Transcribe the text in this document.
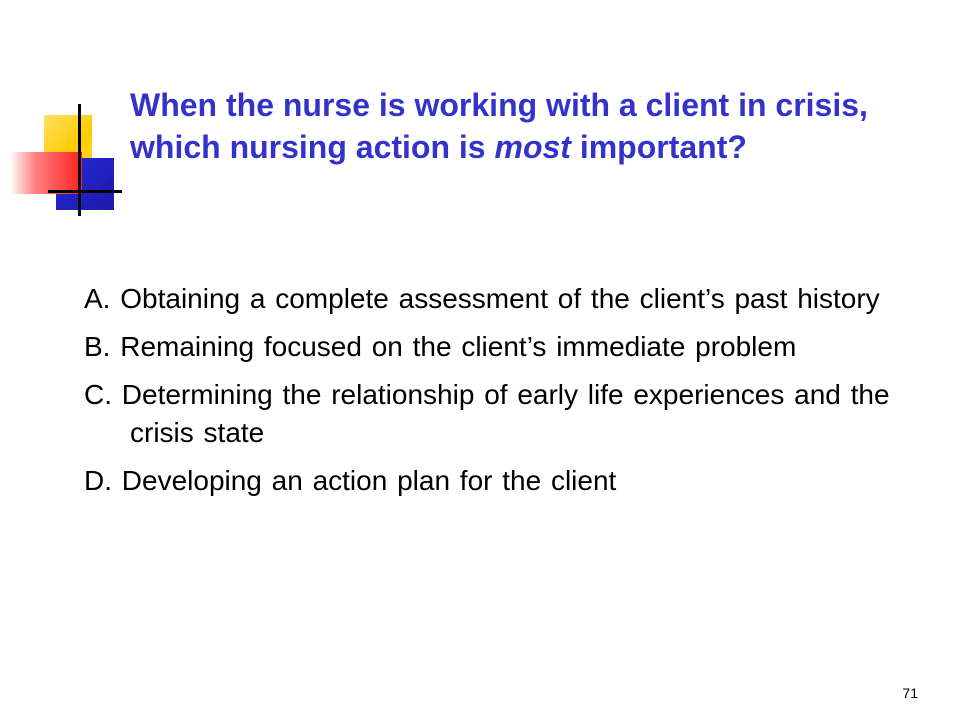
When the nurse is working with a client in crisis, which nursing action is most important?
A. Obtaining a complete assessment of the client’s past history
B. Remaining focused on the client’s immediate problem
C. Determining the relationship of early life experiences and the crisis state
D. Developing an action plan for the client
71
